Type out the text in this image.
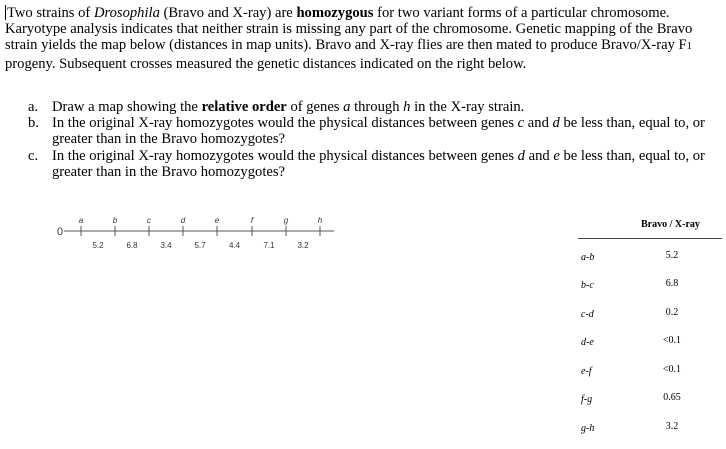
Two strains of Drosophila (Bravo and X-ray) are homozygous for two variant forms of a particular chromosome. Karyotype analysis indicates that neither strain is missing any part of the chromosome. Genetic mapping of the Bravo strain yields the map below (distances in map units). Bravo and X-ray flies are then mated to produce Bravo/X-ray F1 progeny. Subsequent crosses measured the genetic distances indicated on the right below.
a. Draw a map showing the relative order of genes a through h in the X-ray strain.
b. In the original X-ray homozygotes would the physical distances between genes c and d be less than, equal to, or greater than in the Bravo homozygotes?
c. In the original X-ray homozygotes would the physical distances between genes d and e be less than, equal to, or greater than in the Bravo homozygotes?
0
a	b	c	d	e	f	g	h
5.2	6.8	3.4	5.7	4.4	7.1	3.2
Bravo / X-ray
a-b	5.2
b-c	6.8
c-d	0.2
d-e	<0.1
e-f	<0.1
f-g	0.65
g-h	3.2
